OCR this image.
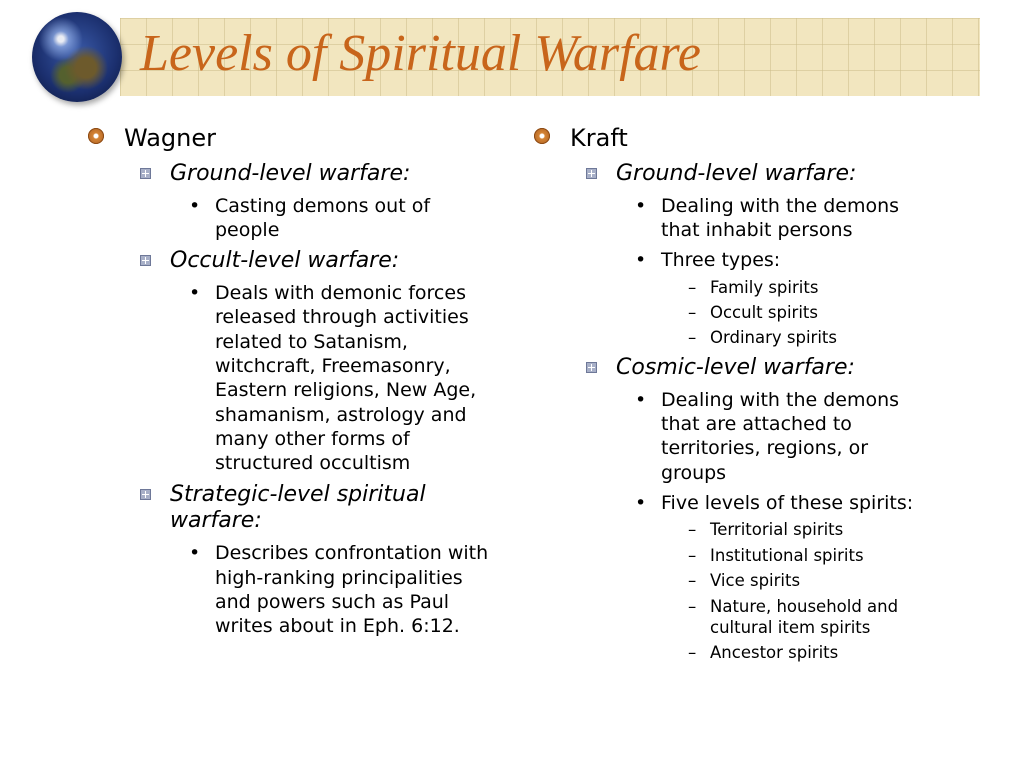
Levels of Spiritual Warfare
Wagner
Ground-level warfare:
• Casting demons out of people
Occult-level warfare:
• Deals with demonic forces released through activities related to Satanism, witchcraft, Freemasonry, Eastern religions, New Age, shamanism, astrology and many other forms of structured occultism
Strategic-level spiritual warfare:
• Describes confrontation with high-ranking principalities and powers such as Paul writes about in Eph. 6:12.
Kraft
Ground-level warfare:
• Dealing with the demons that inhabit persons
• Three types:
– Family spirits
– Occult spirits
– Ordinary spirits
Cosmic-level warfare:
• Dealing with the demons that are attached to territories, regions, or groups
• Five levels of these spirits:
– Territorial spirits
– Institutional spirits
– Vice spirits
– Nature, household and cultural item spirits
– Ancestor spirits
